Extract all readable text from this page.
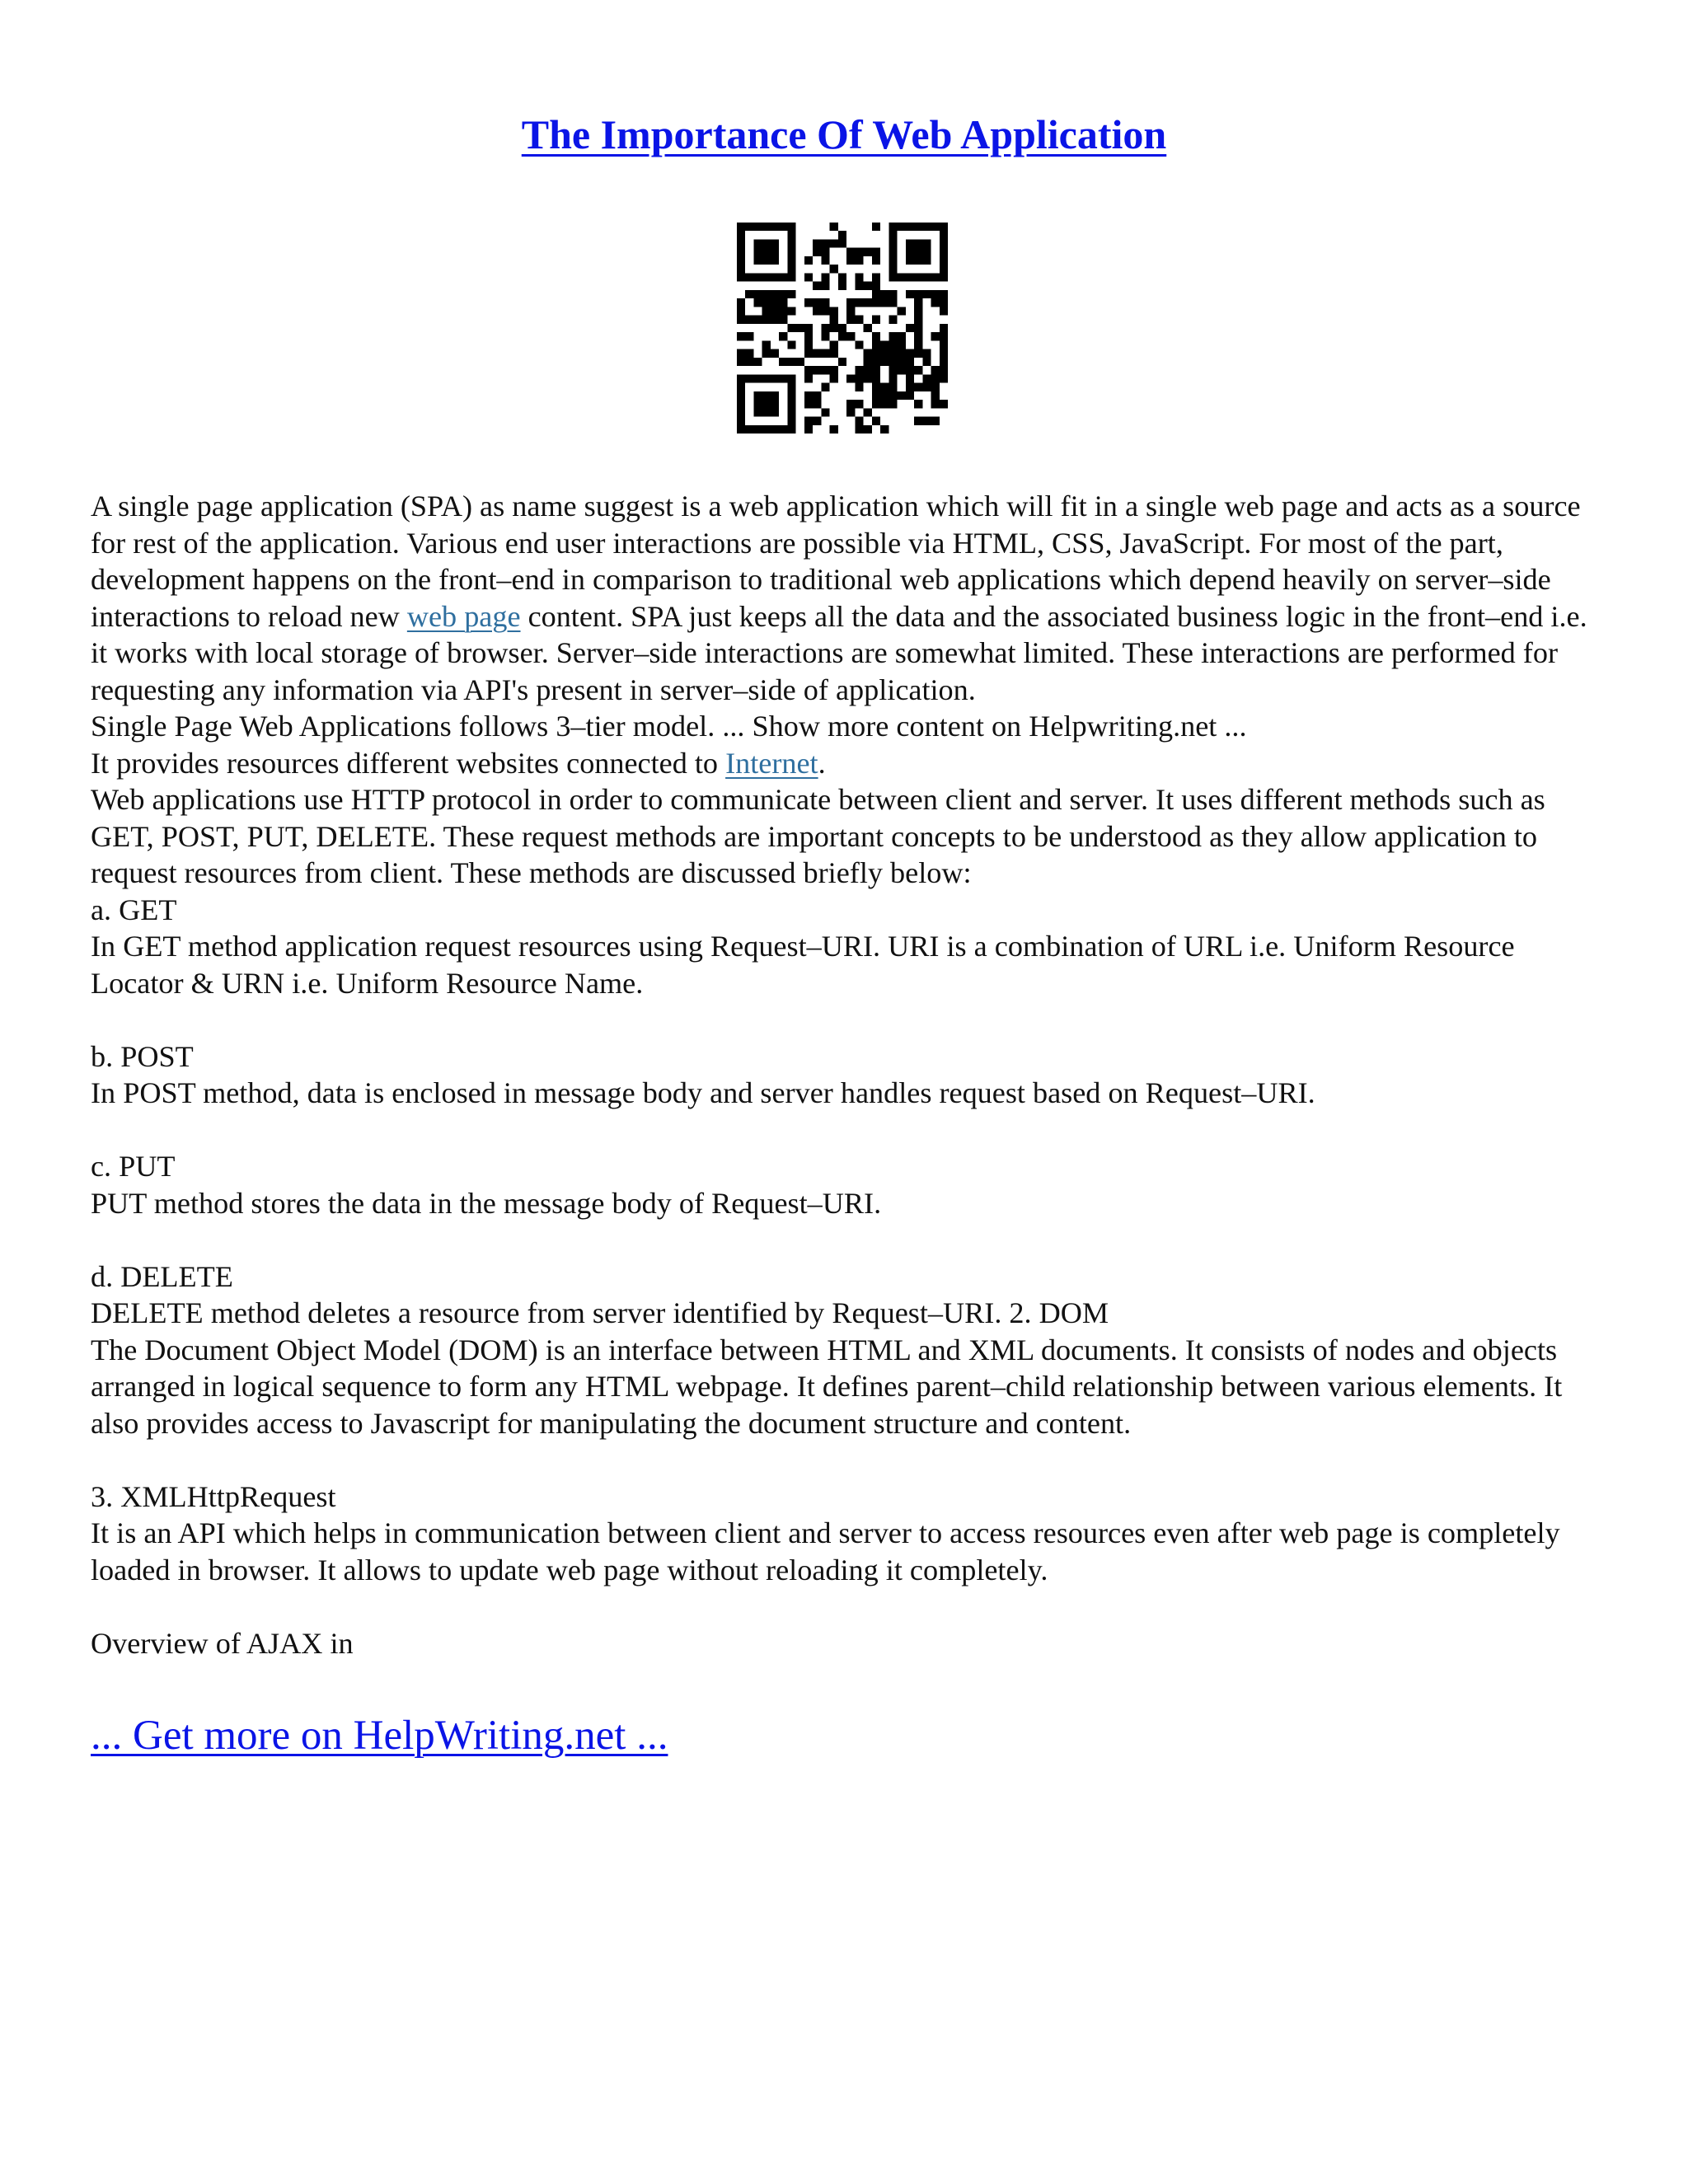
The Importance Of Web Application

A single page application (SPA) as name suggest is a web application which will fit in a single web page and acts as a source for rest of the application. Various end user interactions are possible via HTML, CSS, JavaScript. For most of the part, development happens on the front–end in comparison to traditional web applications which depend heavily on server–side interactions to reload new web page content. SPA just keeps all the data and the associated business logic in the front–end i.e. it works with local storage of browser. Server–side interactions are somewhat limited. These interactions are performed for requesting any information via API's present in server–side of application.

Single Page Web Applications follows 3–tier model. ... Show more content on Helpwriting.net ...

It provides resources different websites connected to Internet.

Web applications use HTTP protocol in order to communicate between client and server. It uses different methods such as GET, POST, PUT, DELETE. These request methods are important concepts to be understood as they allow application to request resources from client. These methods are discussed briefly below:

a. GET

In GET method application request resources using Request–URI. URI is a combination of URL i.e. Uniform Resource Locator & URN i.e. Uniform Resource Name.

b. POST

In POST method, data is enclosed in message body and server handles request based on Request–URI.

c. PUT

PUT method stores the data in the message body of Request–URI.

d. DELETE

DELETE method deletes a resource from server identified by Request–URI. 2. DOM

The Document Object Model (DOM) is an interface between HTML and XML documents. It consists of nodes and objects arranged in logical sequence to form any HTML webpage. It defines parent–child relationship between various elements. It also provides access to Javascript for manipulating the document structure and content.

3. XMLHttpRequest

It is an API which helps in communication between client and server to access resources even after web page is completely loaded in browser. It allows to update web page without reloading it completely.

Overview of AJAX in

... Get more on HelpWriting.net ...
